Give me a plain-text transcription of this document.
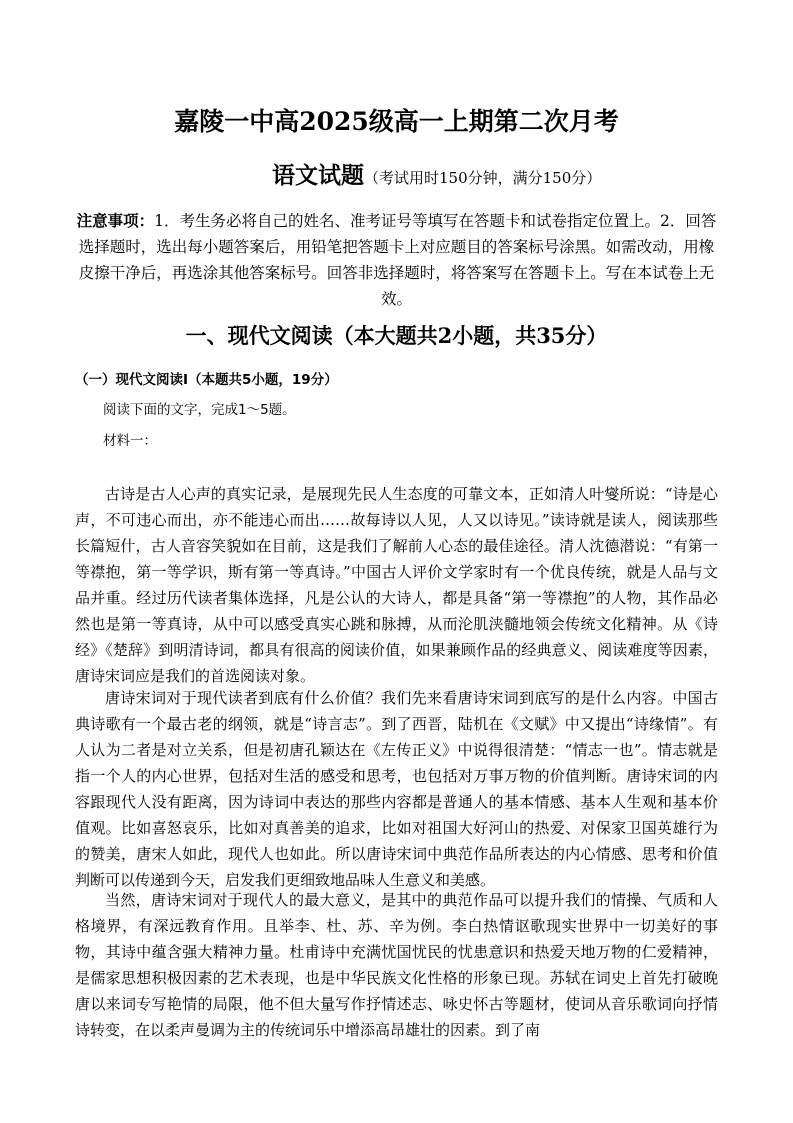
嘉陵一中高2025级高一上期第二次月考
语文试题（考试用时150分钟，满分150分）
注意事项：1．考生务必将自己的姓名、准考证号等填写在答题卡和试卷指定位置上。2．回答选择题时，选出每小题答案后，用铅笔把答题卡上对应题目的答案标号涂黑。如需改动，用橡皮擦干净后，再选涂其他答案标号。回答非选择题时，将答案写在答题卡上。写在本试卷上无效。
一、现代文阅读（本大题共2小题，共35分）
（一）现代文阅读Ⅰ（本题共5小题，19分）
阅读下面的文字，完成1～5题。
材料一：

古诗是古人心声的真实记录，是展现先民人生态度的可靠文本，正如清人叶燮所说：“诗是心声，不可违心而出，亦不能违心而出……故每诗以人见，人又以诗见。”读诗就是读人，阅读那些长篇短什，古人音容笑貌如在目前，这是我们了解前人心态的最佳途径。清人沈德潜说：“有第一等襟抱，第一等学识，斯有第一等真诗。”中国古人评价文学家时有一个优良传统，就是人品与文品并重。经过历代读者集体选择，凡是公认的大诗人，都是具备“第一等襟抱”的人物，其作品必然也是第一等真诗，从中可以感受真实心跳和脉搏，从而沦肌浃髓地领会传统文化精神。从《诗经》《楚辞》到明清诗词，都具有很高的阅读价值，如果兼顾作品的经典意义、阅读难度等因素，唐诗宋词应是我们的首选阅读对象。

唐诗宋词对于现代读者到底有什么价值？我们先来看唐诗宋词到底写的是什么内容。中国古典诗歌有一个最古老的纲领，就是“诗言志”。到了西晋，陆机在《文赋》中又提出“诗缘情”。有人认为二者是对立关系，但是初唐孔颖达在《左传正义》中说得很清楚：“情志一也”。情志就是指一个人的内心世界，包括对生活的感受和思考，也包括对万事万物的价值判断。唐诗宋词的内容跟现代人没有距离，因为诗词中表达的那些内容都是普通人的基本情感、基本人生观和基本价值观。比如喜怒哀乐，比如对真善美的追求，比如对祖国大好河山的热爱、对保家卫国英雄行为的赞美，唐宋人如此，现代人也如此。所以唐诗宋词中典范作品所表达的内心情感、思考和价值判断可以传递到今天，启发我们更细致地品味人生意义和美感。

当然，唐诗宋词对于现代人的最大意义，是其中的典范作品可以提升我们的情操、气质和人格境界，有深远教育作用。且举李、杜、苏、辛为例。李白热情讴歌现实世界中一切美好的事物，其诗中蕴含强大精神力量。杜甫诗中充满忧国忧民的忧患意识和热爱天地万物的仁爱精神，是儒家思想积极因素的艺术表现，也是中华民族文化性格的形象已现。苏轼在词史上首先打破晚唐以来词专写艳情的局限，他不但大量写作抒情述志、咏史怀古等题材，使词从音乐歌词向抒情诗转变，在以柔声曼调为主的传统词乐中增添高昂雄壮的因素。到了南
